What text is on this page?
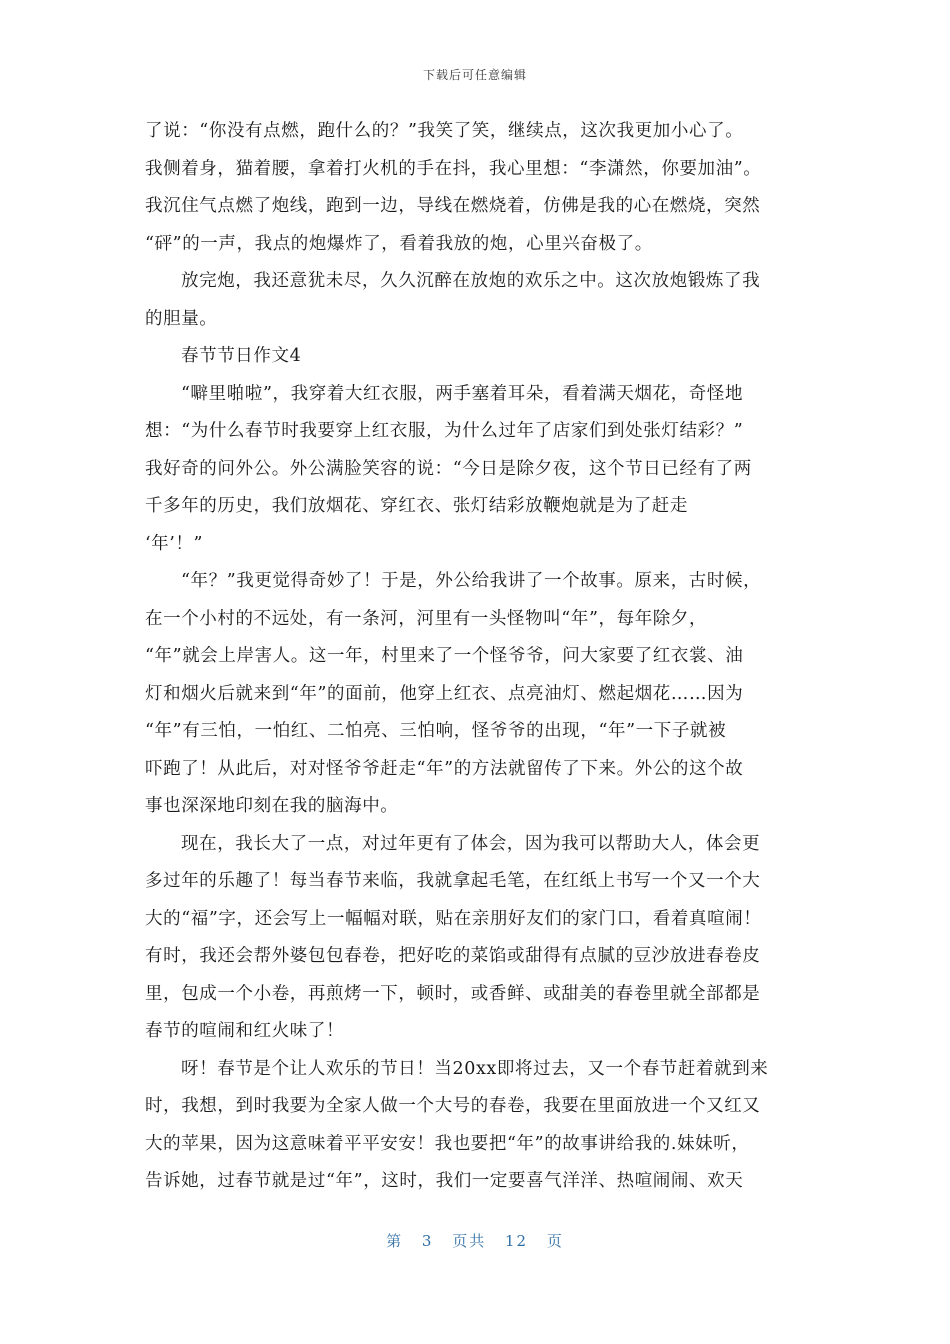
下载后可任意编辑
了说：“你没有点燃，跑什么的？”我笑了笑，继续点，这次我更加小心了。
我侧着身，猫着腰，拿着打火机的手在抖，我心里想：“李潇然，你要加油”。
我沉住气点燃了炮线，跑到一边，导线在燃烧着，仿佛是我的心在燃烧，突然
“砰”的一声，我点的炮爆炸了，看着我放的炮，心里兴奋极了。
放完炮，我还意犹未尽，久久沉醉在放炮的欢乐之中。这次放炮锻炼了我
的胆量。
春节节日作文4
“噼里啪啦”，我穿着大红衣服，两手塞着耳朵，看着满天烟花，奇怪地
想：“为什么春节时我要穿上红衣服，为什么过年了店家们到处张灯结彩？”
我好奇的问外公。外公满脸笑容的说：“今日是除夕夜，这个节日已经有了两
千多年的历史，我们放烟花、穿红衣、张灯结彩放鞭炮就是为了赶走
‘年’！”
“年？”我更觉得奇妙了！于是，外公给我讲了一个故事。原来，古时候，
在一个小村的不远处，有一条河，河里有一头怪物叫“年”，每年除夕，
“年”就会上岸害人。这一年，村里来了一个怪爷爷，问大家要了红衣裳、油
灯和烟火后就来到“年”的面前，他穿上红衣、点亮油灯、燃起烟花……因为
“年”有三怕，一怕红、二怕亮、三怕响，怪爷爷的出现，“年”一下子就被
吓跑了！从此后，对对怪爷爷赶走“年”的方法就留传了下来。外公的这个故
事也深深地印刻在我的脑海中。
现在，我长大了一点，对过年更有了体会，因为我可以帮助大人，体会更
多过年的乐趣了！每当春节来临，我就拿起毛笔，在红纸上书写一个又一个大
大的“福”字，还会写上一幅幅对联，贴在亲朋好友们的家门口，看着真喧闹！
有时，我还会帮外婆包包春卷，把好吃的菜馅或甜得有点腻的豆沙放进春卷皮
里，包成一个小卷，再煎烤一下，顿时，或香鲜、或甜美的春卷里就全部都是
春节的喧闹和红火味了！
呀！春节是个让人欢乐的节日！当20xx即将过去，又一个春节赶着就到来
时，我想，到时我要为全家人做一个大号的春卷，我要在里面放进一个又红又
大的苹果，因为这意味着平平安安！我也要把“年”的故事讲给我的.妹妹听，
告诉她，过春节就是过“年”，这时，我们一定要喜气洋洋、热喧闹闹、欢天
第 3 页共 12 页
